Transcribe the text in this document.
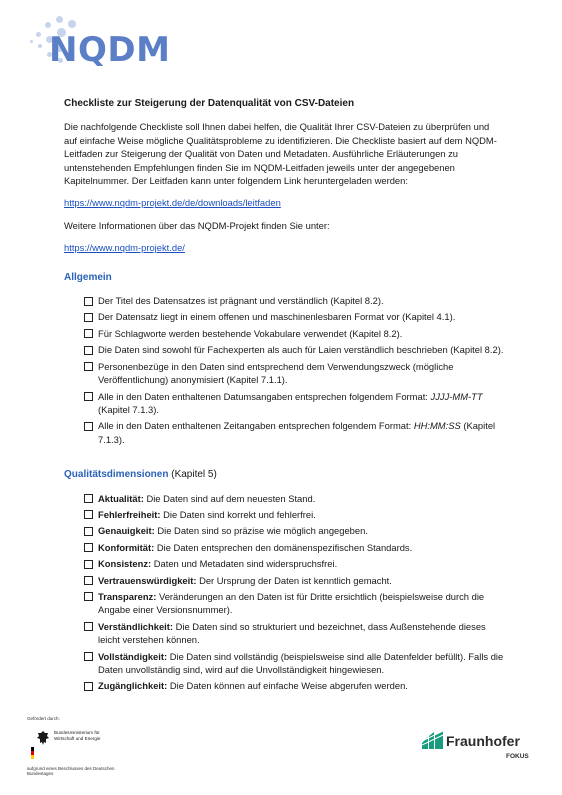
NQDM
Checkliste zur Steigerung der Datenqualität von CSV-Dateien
Die nachfolgende Checkliste soll Ihnen dabei helfen, die Qualität Ihrer CSV-Dateien zu überprüfen und auf einfache Weise mögliche Qualitätsprobleme zu identifizieren. Die Checkliste basiert auf dem NQDM-Leitfaden zur Steigerung der Qualität von Daten und Metadaten. Ausführliche Erläuterungen zu untenstehenden Empfehlungen finden Sie im NQDM-Leitfaden jeweils unter der angegebenen Kapitelnummer. Der Leitfaden kann unter folgendem Link heruntergeladen werden:
https://www.nqdm-projekt.de/de/downloads/leitfaden
Weitere Informationen über das NQDM-Projekt finden Sie unter:
https://www.nqdm-projekt.de/
Allgemein
Der Titel des Datensatzes ist prägnant und verständlich (Kapitel 8.2).
Der Datensatz liegt in einem offenen und maschinenlesbaren Format vor (Kapitel 4.1).
Für Schlagworte werden bestehende Vokabulare verwendet (Kapitel 8.2).
Die Daten sind sowohl für Fachexperten als auch für Laien verständlich beschrieben (Kapitel 8.2).
Personenbezüge in den Daten sind entsprechend dem Verwendungszweck (mögliche Veröffentlichung) anonymisiert (Kapitel 7.1.1).
Alle in den Daten enthaltenen Datumsangaben entsprechen folgendem Format: JJJJ-MM-TT (Kapitel 7.1.3).
Alle in den Daten enthaltenen Zeitangaben entsprechen folgendem Format: HH:MM:SS (Kapitel 7.1.3).
Qualitätsdimensionen (Kapitel 5)
Aktualität: Die Daten sind auf dem neuesten Stand.
Fehlerfreiheit: Die Daten sind korrekt und fehlerfrei.
Genauigkeit: Die Daten sind so präzise wie möglich angegeben.
Konformität: Die Daten entsprechen den domänenspezifischen Standards.
Konsistenz: Daten und Metadaten sind widerspruchsfrei.
Vertrauenswürdigkeit: Der Ursprung der Daten ist kenntlich gemacht.
Transparenz: Veränderungen an den Daten ist für Dritte ersichtlich (beispielsweise durch die Angabe einer Versionsnummer).
Verständlichkeit: Die Daten sind so strukturiert und bezeichnet, dass Außenstehende dieses leicht verstehen können.
Vollständigkeit: Die Daten sind vollständig (beispielsweise sind alle Datenfelder befüllt). Falls die Daten unvollständig sind, wird auf die Unvollständigkeit hingewiesen.
Zugänglichkeit: Die Daten können auf einfache Weise abgerufen werden.
Gefördert durch:
Bundesministerium für Wirtschaft und Energie
aufgrund eines Beschlusses des Deutschen Bundestages
Fraunhofer
FOKUS
